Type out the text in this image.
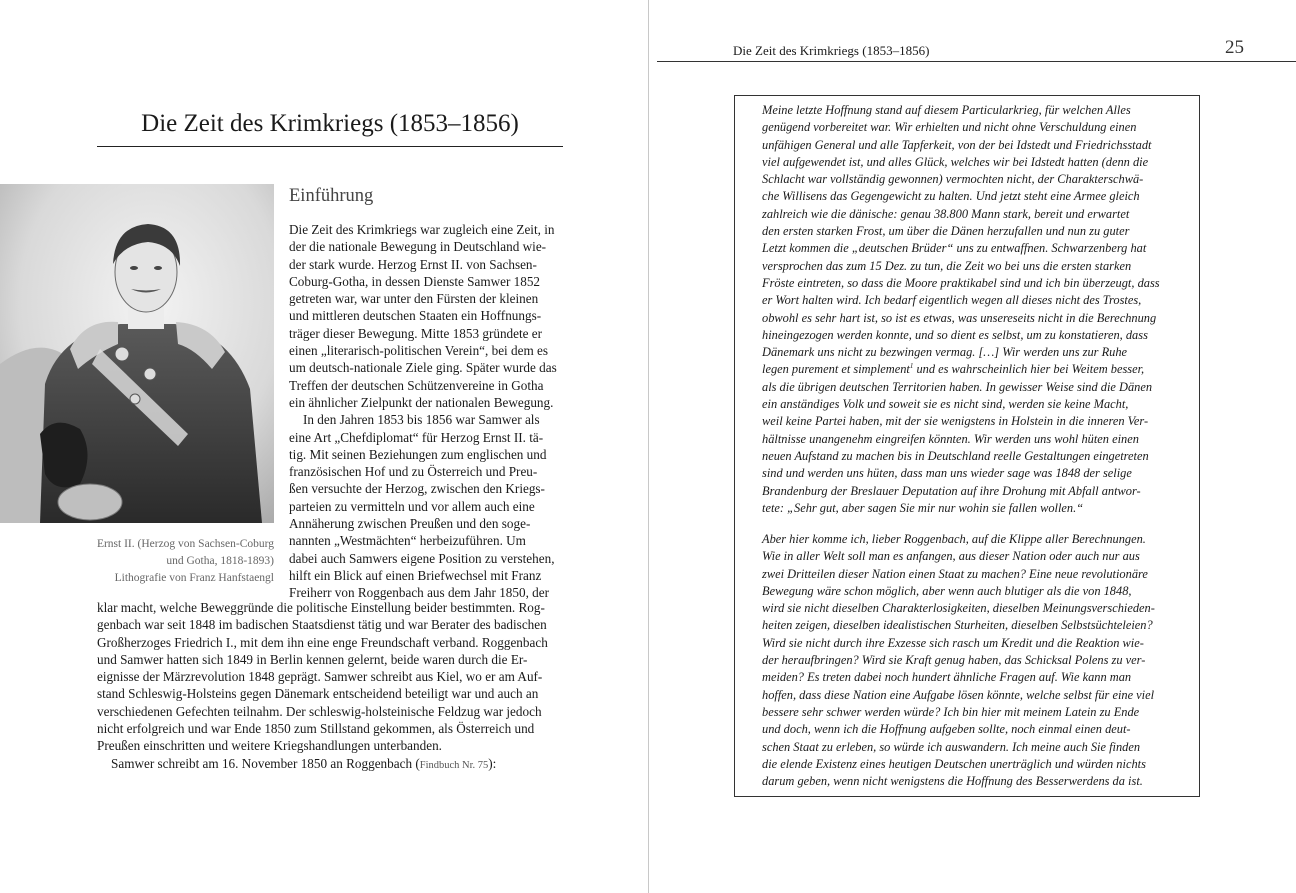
Die Zeit des Krimkriegs (1853–1856)
Ernst II. (Herzog von Sachsen-Coburg
und Gotha, 1818-1893)
Lithografie von Franz Hanfstaengl
Einführung
Die Zeit des Krimkriegs war zugleich eine Zeit, in
der die nationale Bewegung in Deutschland wie-
der stark wurde. Herzog Ernst II. von Sachsen-
Coburg-Gotha, in dessen Dienste Samwer 1852
getreten war, war unter den Fürsten der kleinen
und mittleren deutschen Staaten ein Hoffnungs-
träger dieser Bewegung. Mitte 1853 gründete er
einen „literarisch-politischen Verein“, bei dem es
um deutsch-nationale Ziele ging. Später wurde das
Treffen der deutschen Schützenvereine in Gotha
ein ähnlicher Zielpunkt der nationalen Bewegung.
In den Jahren 1853 bis 1856 war Samwer als
eine Art „Chefdiplomat“ für Herzog Ernst II. tä-
tig. Mit seinen Beziehungen zum englischen und
französischen Hof und zu Österreich und Preu-
ßen versuchte der Herzog, zwischen den Kriegs-
parteien zu vermitteln und vor allem auch eine
Annäherung zwischen Preußen und den soge-
nannten „Westmächten“ herbeizuführen. Um
dabei auch Samwers eigene Position zu verstehen,
hilft ein Blick auf einen Briefwechsel mit Franz
Freiherr von Roggenbach aus dem Jahr 1850, der
klar macht, welche Beweggründe die politische Einstellung beider bestimmten. Rog-
genbach war seit 1848 im badischen Staatsdienst tätig und war Berater des badischen
Großherzoges Friedrich I., mit dem ihn eine enge Freundschaft verband. Roggenbach
und Samwer hatten sich 1849 in Berlin kennen gelernt, beide waren durch die Er-
eignisse der Märzrevolution 1848 geprägt. Samwer schreibt aus Kiel, wo er am Auf-
stand Schleswig-Holsteins gegen Dänemark entscheidend beteiligt war und auch an
verschiedenen Gefechten teilnahm. Der schleswig-holsteinische Feldzug war jedoch
nicht erfolgreich und war Ende 1850 zum Stillstand gekommen, als Österreich und
Preußen einschritten und weitere Kriegshandlungen unterbanden.
Samwer schreibt am 16. November 1850 an Roggenbach (Findbuch Nr. 75):
Die Zeit des Krimkriegs (1853–1856)	25
Meine letzte Hoffnung stand auf diesem Particularkrieg, für welchen Alles
genügend vorbereitet war. Wir erhielten und nicht ohne Verschuldung einen
unfähigen General und alle Tapferkeit, von der bei Idstedt und Friedrichsstadt
viel aufgewendet ist, und alles Glück, welches wir bei Idstedt hatten (denn die
Schlacht war vollständig gewonnen) vermochten nicht, der Charakterschwä-
che Willisens das Gegengewicht zu halten. Und jetzt steht eine Armee gleich
zahlreich wie die dänische: genau 38.800 Mann stark, bereit und erwartet
den ersten starken Frost, um über die Dänen herzufallen und nun zu guter
Letzt kommen die „deutschen Brüder“ uns zu entwaffnen. Schwarzenberg hat
versprochen das zum 15 Dez. zu tun, die Zeit wo bei uns die ersten starken
Fröste eintreten, so dass die Moore praktikabel sind und ich bin überzeugt, dass
er Wort halten wird. Ich bedarf eigentlich wegen all dieses nicht des Trostes,
obwohl es sehr hart ist, so ist es etwas, was unsereseits nicht in die Berechnung
hineingezogen werden konnte, und so dient es selbst, um zu konstatieren, dass
Dänemark uns nicht zu bezwingen vermag. […] Wir werden uns zur Ruhe
legen purement et simplement$^1$ und es wahrscheinlich hier bei Weitem besser,
als die übrigen deutschen Territorien haben. In gewisser Weise sind die Dänen
ein anständiges Volk und soweit sie es nicht sind, werden sie keine Macht,
weil keine Partei haben, mit der sie wenigstens in Holstein in die inneren Ver-
hältnisse unangenehm eingreifen könnten. Wir werden uns wohl hüten einen
neuen Aufstand zu machen bis in Deutschland reelle Gestaltungen eingetreten
sind und werden uns hüten, dass man uns wieder sage was 1848 der selige
Brandenburg der Breslauer Deputation auf ihre Drohung mit Abfall antwor-
tete: „Sehr gut, aber sagen Sie mir nur wohin sie fallen wollen.“
Aber hier komme ich, lieber Roggenbach, auf die Klippe aller Berechnungen.
Wie in aller Welt soll man es anfangen, aus dieser Nation oder auch nur aus
zwei Dritteilen dieser Nation einen Staat zu machen? Eine neue revolutionäre
Bewegung wäre schon möglich, aber wenn auch blutiger als die von 1848,
wird sie nicht dieselben Charakterlosigkeiten, dieselben Meinungsverschieden-
heiten zeigen, dieselben idealistischen Sturheiten, dieselben Selbstsüchteleien?
Wird sie nicht durch ihre Exzesse sich rasch um Kredit und die Reaktion wie-
der heraufbringen? Wird sie Kraft genug haben, das Schicksal Polens zu ver-
meiden? Es treten dabei noch hundert ähnliche Fragen auf. Wie kann man
hoffen, dass diese Nation eine Aufgabe lösen könnte, welche selbst für eine viel
bessere sehr schwer werden würde? Ich bin hier mit meinem Latein zu Ende
und doch, wenn ich die Hoffnung aufgeben sollte, noch einmal einen deut-
schen Staat zu erleben, so würde ich auswandern. Ich meine auch Sie finden
die elende Existenz eines heutigen Deutschen unerträglich und würden nichts
darum geben, wenn nicht wenigstens die Hoffnung des Besserwerdens da ist.
